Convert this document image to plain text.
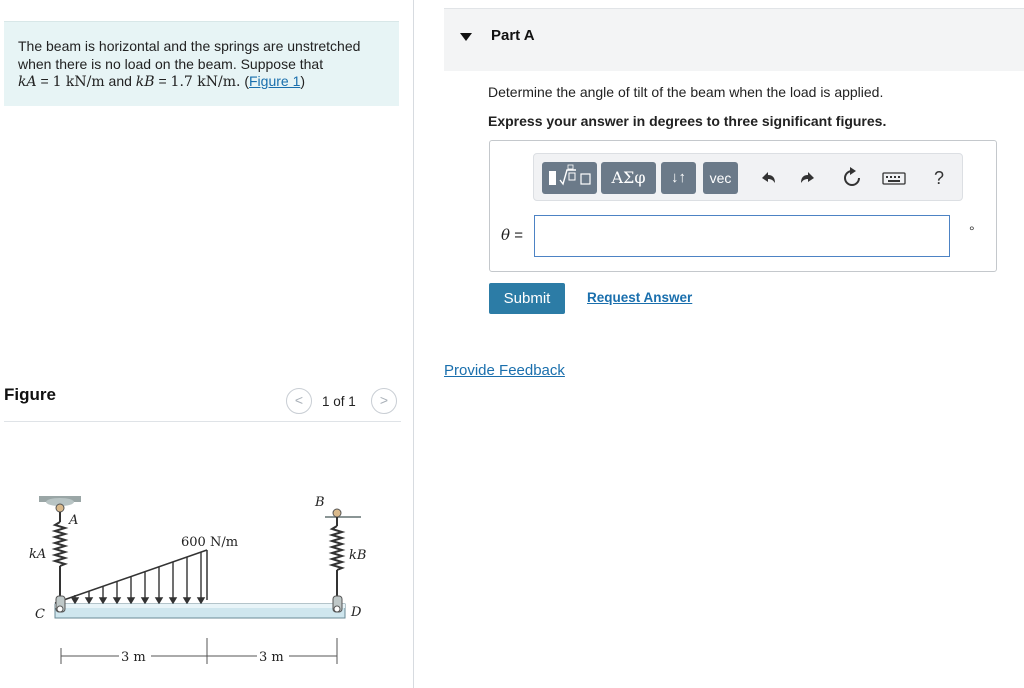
The beam is horizontal and the springs are unstretched when there is no load on the beam. Suppose that
kA = 1 kN/m and kB = 1.7 kN/m. (Figure 1)
Figure	<	1 of 1	>
A
B
C	D
kA	kB
600 N/m
3 m	3 m
Part A
Determine the angle of tilt of the beam when the load is applied.
Express your answer in degrees to three significant figures.
ΑΣφ	↓↑	vec	?
θ =	°
Submit	Request Answer
Provide Feedback
